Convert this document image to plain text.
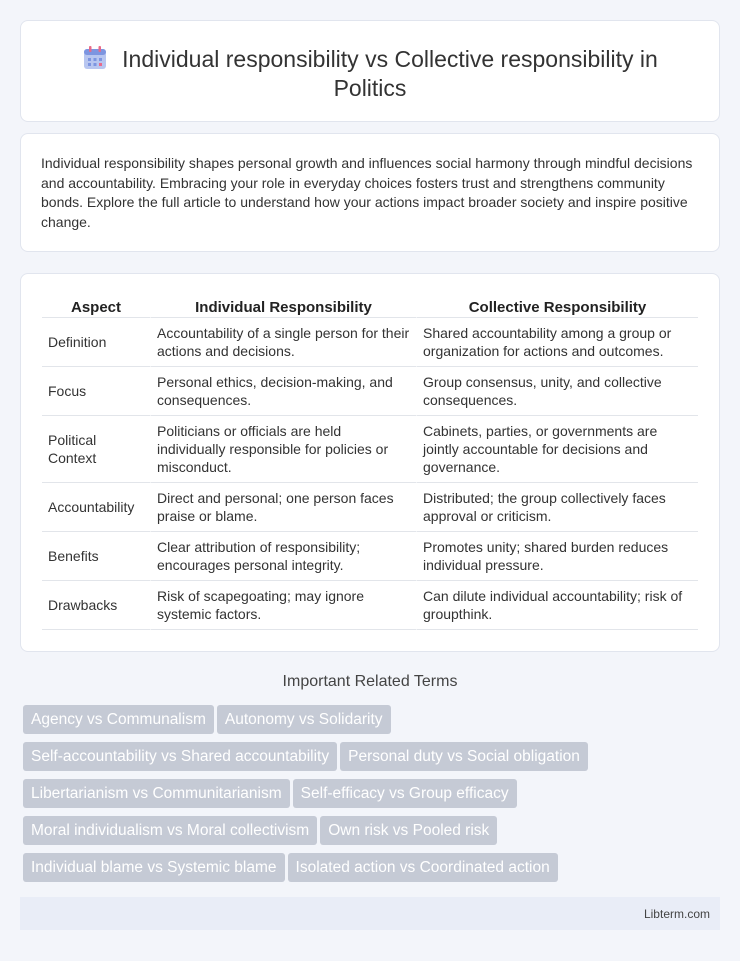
Individual responsibility vs Collective responsibility in Politics

Individual responsibility shapes personal growth and influences social harmony through mindful decisions and accountability. Embracing your role in everyday choices fosters trust and strengthens community bonds. Explore the full article to understand how your actions impact broader society and inspire positive change.

Aspect	Individual Responsibility	Collective Responsibility
Definition	Accountability of a single person for their actions and decisions.	Shared accountability among a group or organization for actions and outcomes.
Focus	Personal ethics, decision-making, and consequences.	Group consensus, unity, and collective consequences.
Political Context	Politicians or officials are held individually responsible for policies or misconduct.	Cabinets, parties, or governments are jointly accountable for decisions and governance.
Accountability	Direct and personal; one person faces praise or blame.	Distributed; the group collectively faces approval or criticism.
Benefits	Clear attribution of responsibility; encourages personal integrity.	Promotes unity; shared burden reduces individual pressure.
Drawbacks	Risk of scapegoating; may ignore systemic factors.	Can dilute individual accountability; risk of groupthink.
Important Related Terms
Agency vs Communalism Autonomy vs Solidarity
Self-accountability vs Shared accountability Personal duty vs Social obligation
Libertarianism vs Communitarianism Self-efficacy vs Group efficacy
Moral individualism vs Moral collectivism Own risk vs Pooled risk
Individual blame vs Systemic blame Isolated action vs Coordinated action
Libterm.com
